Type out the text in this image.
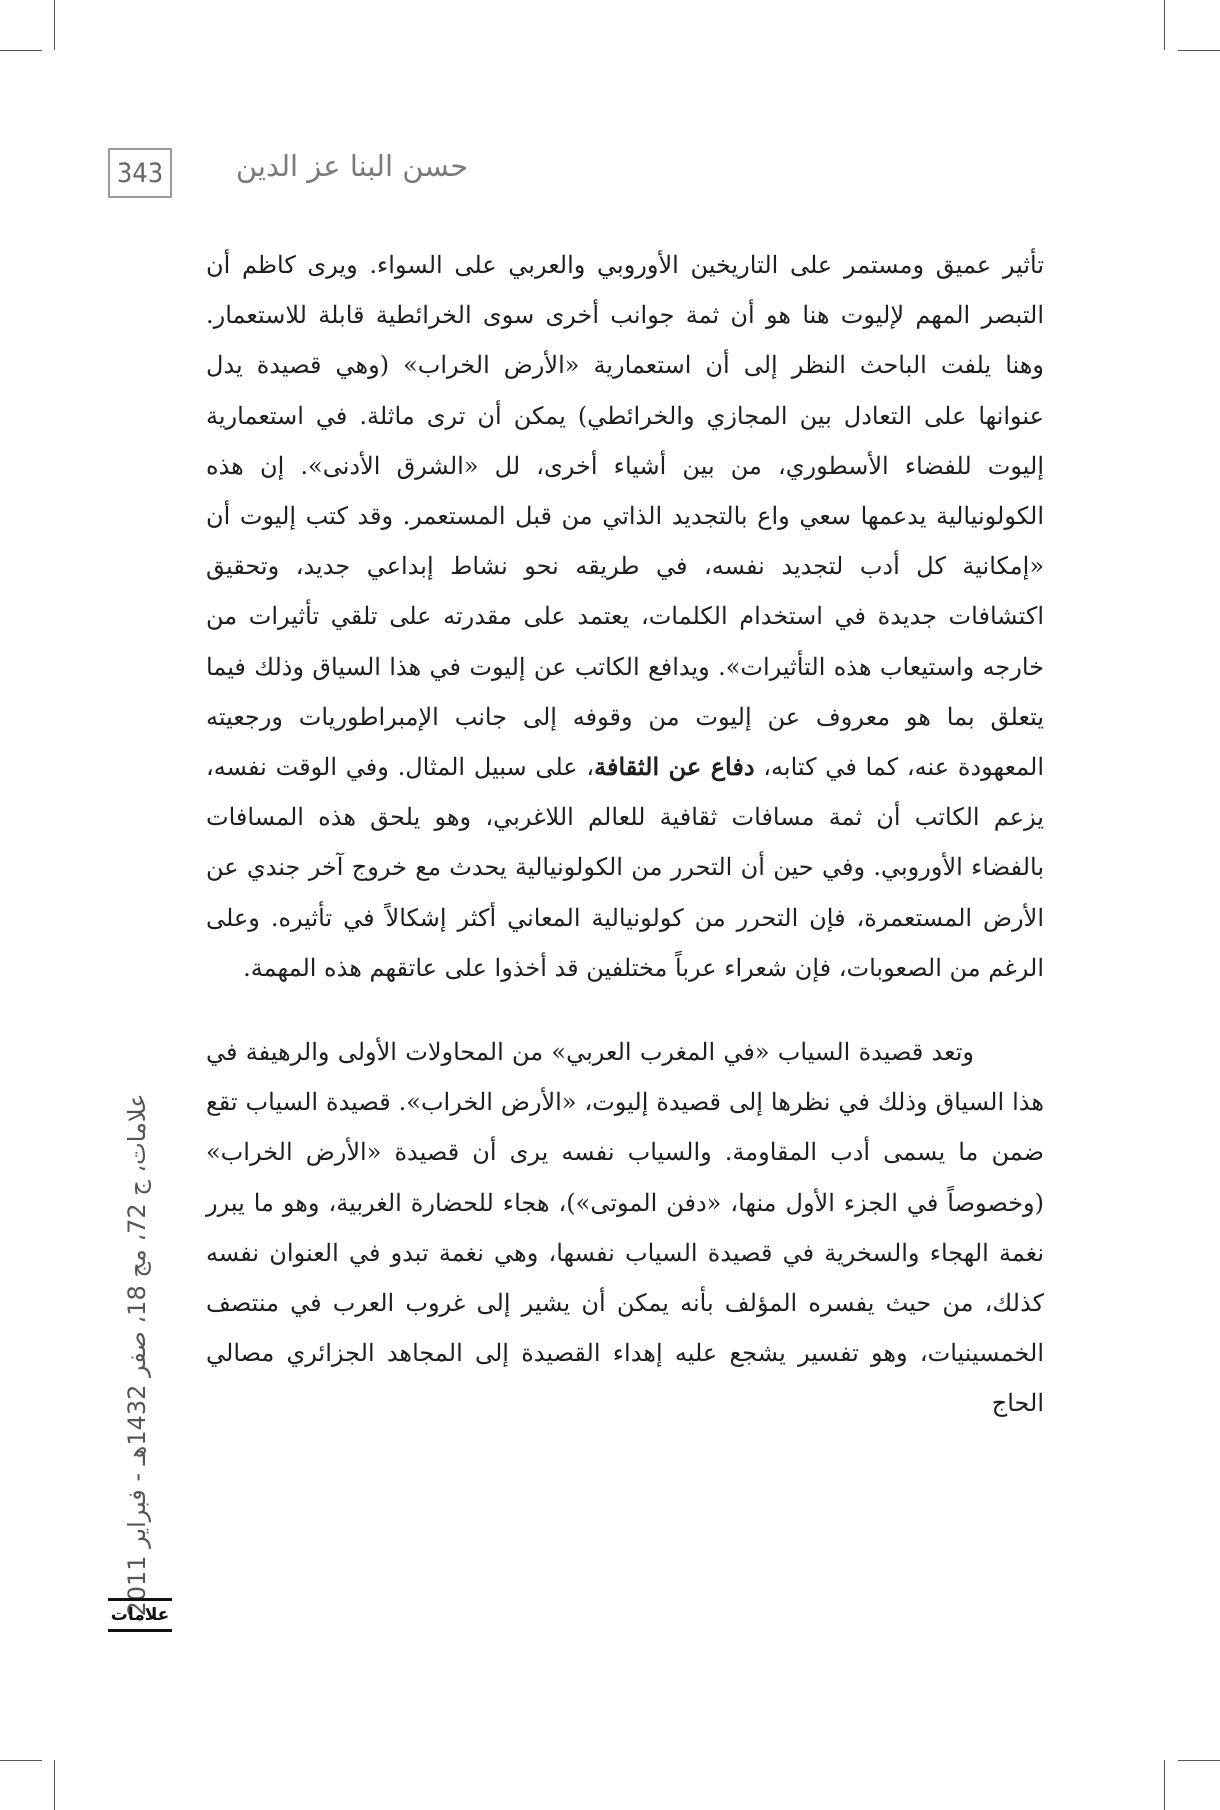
343	حسن البنا عز الدين

تأثير عميق ومستمر على التاريخين الأوروبي والعربي على السواء. ويرى كاظم أن التبصر المهم لإليوت هنا هو أن ثمة جوانب أخرى سوى الخرائطية قابلة للاستعمار. وهنا يلفت الباحث النظر إلى أن استعمارية «الأرض الخراب» (وهي قصيدة يدل عنوانها على التعادل بين المجازي والخرائطي) يمكن أن ترى ماثلة. في استعمارية إليوت للفضاء الأسطوري، من بين أشياء أخرى، لل «الشرق الأدنى». إن هذه الكولونيالية يدعمها سعي واع بالتجديد الذاتي من قبل المستعمر. وقد كتب إليوت أن «إمكانية كل أدب لتجديد نفسه، في طريقه نحو نشاط إبداعي جديد، وتحقيق اكتشافات جديدة في استخدام الكلمات، يعتمد على مقدرته على تلقي تأثيرات من خارجه واستيعاب هذه التأثيرات». ويدافع الكاتب عن إليوت في هذا السياق وذلك فيما يتعلق بما هو معروف عن إليوت من وقوفه إلى جانب الإمبراطوريات ورجعيته المعهودة عنه، كما في كتابه، دفاع عن الثقافة، على سبيل المثال. وفي الوقت نفسه، يزعم الكاتب أن ثمة مسافات ثقافية للعالم اللاغربي، وهو يلحق هذه المسافات بالفضاء الأوروبي. وفي حين أن التحرر من الكولونيالية يحدث مع خروج آخر جندي عن الأرض المستعمرة، فإن التحرر من كولونيالية المعاني أكثر إشكالاً في تأثيره. وعلى الرغم من الصعوبات، فإن شعراء عرباً مختلفين قد أخذوا على عاتقهم هذه المهمة.

وتعد قصيدة السياب «في المغرب العربي» من المحاولات الأولى والرهيفة في هذا السياق وذلك في نظرها إلى قصيدة إليوت، «الأرض الخراب». قصيدة السياب تقع ضمن ما يسمى أدب المقاومة. والسياب نفسه يرى أن قصيدة «الأرض الخراب» (وخصوصاً في الجزء الأول منها، «دفن الموتى»)، هجاء للحضارة الغربية، وهو ما يبرر نغمة الهجاء والسخرية في قصيدة السياب نفسها، وهي نغمة تبدو في العنوان نفسه كذلك، من حيث يفسره المؤلف بأنه يمكن أن يشير إلى غروب العرب في منتصف الخمسينيات، وهو تفسير يشجع عليه إهداء القصيدة إلى المجاهد الجزائري مصالي الحاج

علامات، ج 72، مج 18، صفر 1432هـ - فبراير 2011
علامات
